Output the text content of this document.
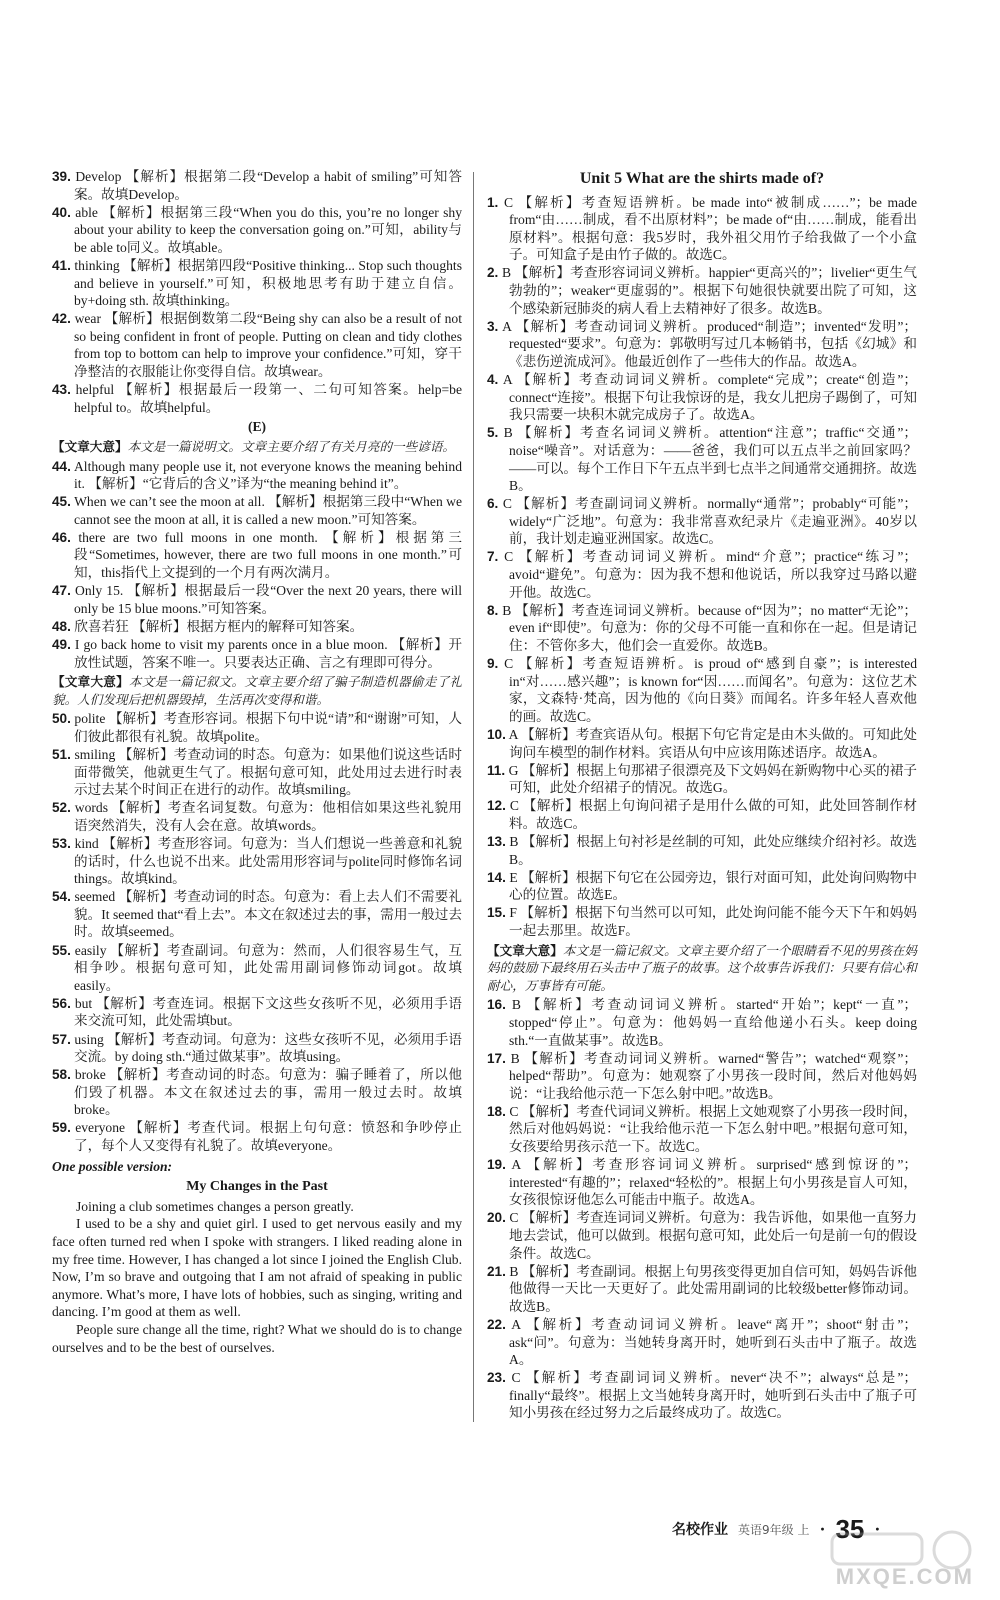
39. Develop 【解析】根据第二段“Develop a habit of smiling”可知答案。故填Develop。
40. able 【解析】根据第三段“When you do this, you’re no longer shy about your ability to keep the conversation going on.”可知，ability与be able to同义。故填able。
41. thinking 【解析】根据第四段“Positive thinking... Stop such thoughts and believe in yourself.”可知，积极地思考有助于建立自信。by+doing sth. 故填thinking。
42. wear 【解析】根据倒数第二段“Being shy can also be a result of not so being confident in front of people. Putting on clean and tidy clothes from top to bottom can help to improve your confidence.”可知，穿干净整洁的衣服能让你变得自信。故填wear。
43. helpful 【解析】根据最后一段第一、二句可知答案。help=be helpful to。故填helpful。
(E)
【文章大意】本文是一篇说明文。文章主要介绍了有关月亮的一些谚语。
44. Although many people use it, not everyone knows the meaning behind it. 【解析】“它背后的含义”译为“the meaning behind it”。
45. When we can’t see the moon at all. 【解析】根据第三段中“When we cannot see the moon at all, it is called a new moon.”可知答案。
46. there are two full moons in one month. 【解析】根据第三段“Sometimes, however, there are two full moons in one month.”可知，this指代上文提到的一个月有两次满月。
47. Only 15. 【解析】根据最后一段“Over the next 20 years, there will only be 15 blue moons.”可知答案。
48. 欣喜若狂 【解析】根据方框内的解释可知答案。
49. I go back home to visit my parents once in a blue moon. 【解析】开放性试题，答案不唯一。只要表达正确、言之有理即可得分。
【文章大意】本文是一篇记叙文。文章主要介绍了骗子制造机器偷走了礼貌。人们发现后把机器毁掉，生活再次变得和谐。
50. polite 【解析】考查形容词。根据下句中说“请”和“谢谢”可知，人们彼此都很有礼貌。故填polite。
51. smiling 【解析】考查动词的时态。句意为：如果他们说这些话时面带微笑，他就更生气了。根据句意可知，此处用过去进行时表示过去某个时间正在进行的动作。故填smiling。
52. words 【解析】考查名词复数。句意为：他相信如果这些礼貌用语突然消失，没有人会在意。故填words。
53. kind 【解析】考查形容词。句意为：当人们想说一些善意和礼貌的话时，什么也说不出来。此处需用形容词与polite同时修饰名词things。故填kind。
54. seemed 【解析】考查动词的时态。句意为：看上去人们不需要礼貌。It seemed that“看上去”。本文在叙述过去的事，需用一般过去时。故填seemed。
55. easily 【解析】考查副词。句意为：然而，人们很容易生气，互相争吵。根据句意可知，此处需用副词修饰动词got。故填easily。
56. but 【解析】考查连词。根据下文这些女孩听不见，必须用手语来交流可知，此处需填but。
57. using 【解析】考查动词。句意为：这些女孩听不见，必须用手语交流。by doing sth.“通过做某事”。故填using。
58. broke 【解析】考查动词的时态。句意为：骗子睡着了，所以他们毁了机器。本文在叙述过去的事，需用一般过去时。故填broke。
59. everyone 【解析】考查代词。根据上句句意：愤怒和争吵停止了，每个人又变得有礼貌了。故填everyone。
One possible version:
My Changes in the Past

Joining a club sometimes changes a person greatly.

I used to be a shy and quiet girl. I used to get nervous easily and my face often turned red when I spoke with strangers. I liked reading alone in my free time. However, I has changed a lot since I joined the English Club. Now, I’m so brave and outgoing that I am not afraid of speaking in public anymore. What’s more, I have lots of hobbies, such as singing, writing and dancing. I’m good at them as well.

People sure change all the time, right? What we should do is to change ourselves and to be the best of ourselves.

Unit 5 What are the shirts made of?
1. C 【解析】考查短语辨析。be made into“被制成……”；be made from“由……制成，看不出原材料”；be made of“由……制成，能看出原材料”。根据句意：我5岁时，我外祖父用竹子给我做了一个小盒子。可知盒子是由竹子做的。故选C。
2. B 【解析】考查形容词词义辨析。happier“更高兴的”；livelier“更生气勃勃的”；weaker“更虚弱的”。根据下句她很快就要出院了可知，这个感染新冠肺炎的病人看上去精神好了很多。故选B。
3. A 【解析】考查动词词义辨析。produced“制造”；invented“发明”；requested“要求”。句意为：郭敬明写过几本畅销书，包括《幻城》和《悲伤逆流成河》。他最近创作了一些伟大的作品。故选A。
4. A 【解析】考查动词词义辨析。complete“完成”；create“创造”；connect“连接”。根据下句让我惊讶的是，我女儿把房子踢倒了，可知我只需要一块积木就完成房子了。故选A。
5. B 【解析】考查名词词义辨析。attention“注意”；traffic“交通”；noise“噪音”。对话意为：——爸爸，我们可以五点半之前回家吗？——可以。每个工作日下午五点半到七点半之间通常交通拥挤。故选B。
6. C 【解析】考查副词词义辨析。normally“通常”；probably“可能”；widely“广泛地”。句意为：我非常喜欢纪录片《走遍亚洲》。40岁以前，我计划走遍亚洲国家。故选C。
7. C 【解析】考查动词词义辨析。mind“介意”；practice“练习”；avoid“避免”。句意为：因为我不想和他说话，所以我穿过马路以避开他。故选C。
8. B 【解析】考查连词词义辨析。because of“因为”；no matter“无论”；even if“即使”。句意为：你的父母不可能一直和你在一起。但是请记住：不管你多大，他们会一直爱你。故选B。
9. C 【解析】考查短语辨析。is proud of“感到自豪”；is interested in“对……感兴趣”；is known for“因……而闻名”。句意为：这位艺术家，文森特·梵高，因为他的《向日葵》而闻名。许多年轻人喜欢他的画。故选C。
10. A 【解析】考查宾语从句。根据下句它肯定是由木头做的。可知此处询问车模型的制作材料。宾语从句中应该用陈述语序。故选A。
11. G 【解析】根据上句那裙子很漂亮及下文妈妈在新购物中心买的裙子可知，此处介绍裙子的情况。故选G。
12. C 【解析】根据上句询问裙子是用什么做的可知，此处回答制作材料。故选C。
13. B 【解析】根据上句衬衫是丝制的可知，此处应继续介绍衬衫。故选B。
14. E 【解析】根据下句它在公园旁边，银行对面可知，此处询问购物中心的位置。故选E。
15. F 【解析】根据下句当然可以可知，此处询问能不能今天下午和妈妈一起去那里。故选F。
【文章大意】本文是一篇记叙文。文章主要介绍了一个眼睛看不见的男孩在妈妈的鼓励下最终用石头击中了瓶子的故事。这个故事告诉我们：只要有信心和耐心，万事皆有可能。
16. B 【解析】考查动词词义辨析。started“开始”；kept“一直”；stopped“停止”。句意为：他妈妈一直给他递小石头。keep doing sth.“一直做某事”。故选B。
17. B 【解析】考查动词词义辨析。warned“警告”；watched“观察”；helped“帮助”。句意为：她观察了小男孩一段时间，然后对他妈妈说：“让我给他示范一下怎么射中吧。”故选B。
18. C 【解析】考查代词词义辨析。根据上文她观察了小男孩一段时间，然后对他妈妈说：“让我给他示范一下怎么射中吧。”根据句意可知，女孩要给男孩示范一下。故选C。
19. A 【解析】考查形容词词义辨析。surprised“感到惊讶的”；interested“有趣的”；relaxed“轻松的”。根据上句小男孩是盲人可知，女孩很惊讶他怎么可能击中瓶子。故选A。
20. C 【解析】考查连词词义辨析。句意为：我告诉他，如果他一直努力地去尝试，他可以做到。根据句意可知，此处后一句是前一句的假设条件。故选C。
21. B 【解析】考查副词。根据上句男孩变得更加自信可知，妈妈告诉他他做得一天比一天更好了。此处需用副词的比较级better修饰动词。故选B。
22. A 【解析】考查动词词义辨析。leave“离开”；shoot“射击”；ask“问”。句意为：当她转身离开时，她听到石头击中了瓶子。故选A。
23. C 【解析】考查副词词义辨析。never“决不”；always“总是”；finally“最终”。根据上文当她转身离开时，她听到石头击中了瓶子可知小男孩在经过努力之后最终成功了。故选C。
名校作业 英语9年级 上 · 35 ·
MXQE.COM
